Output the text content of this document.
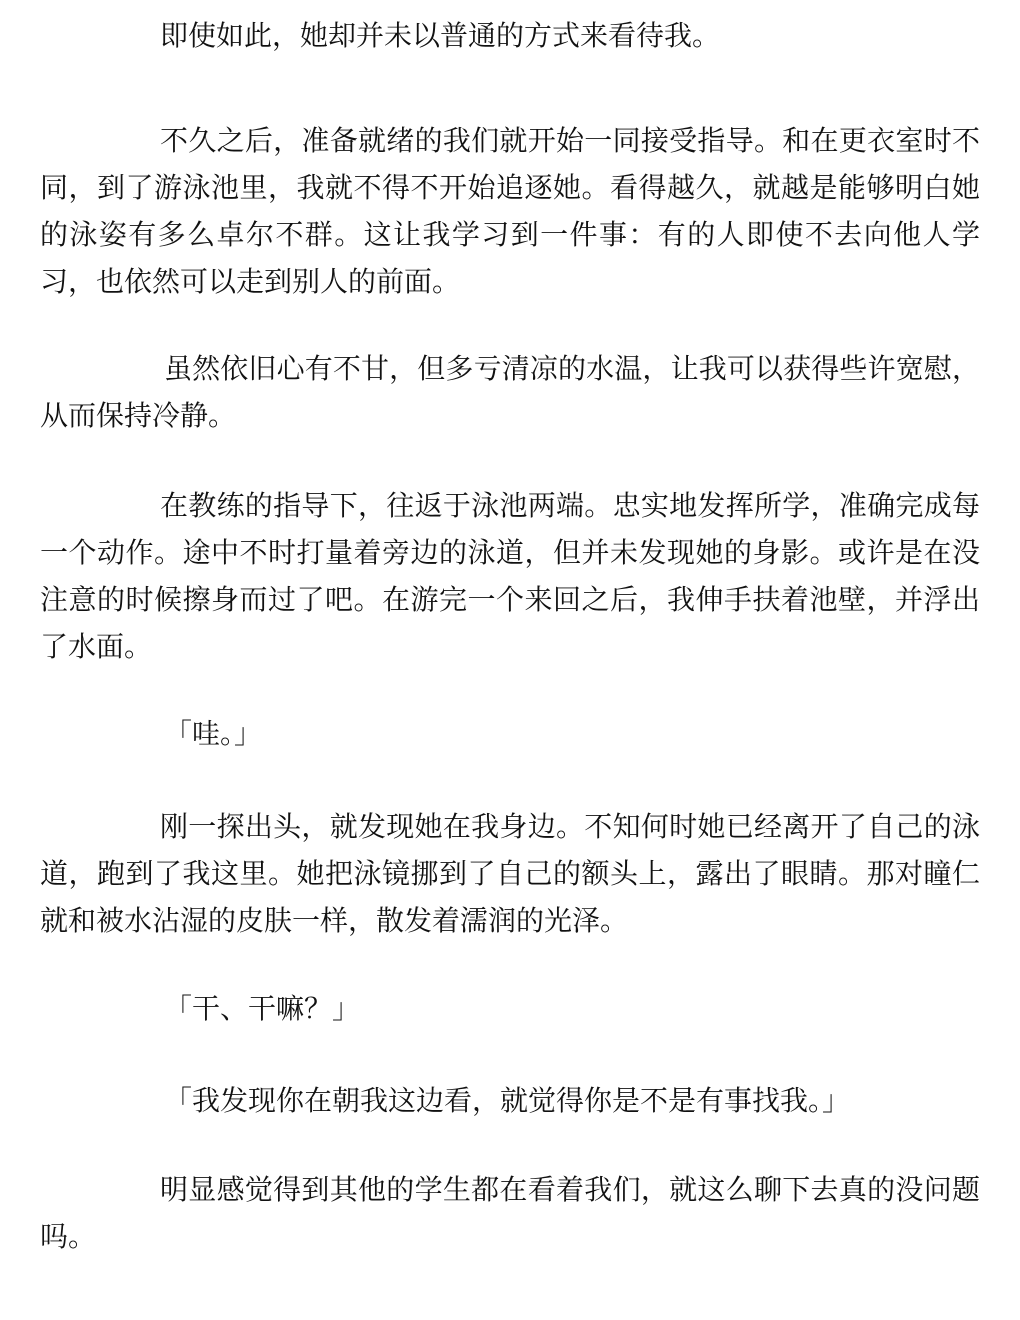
即使如此，她却并未以普通的方式来看待我。

不久之后，准备就绪的我们就开始一同接受指导。和在更衣室时不同，到了游泳池里，我就不得不开始追逐她。看得越久，就越是能够明白她的泳姿有多么卓尔不群。这让我学习到一件事：有的人即使不去向他人学习，也依然可以走到别人的前面。

虽然依旧心有不甘，但多亏清凉的水温，让我可以获得些许宽慰，从而保持冷静。

在教练的指导下，往返于泳池两端。忠实地发挥所学，准确完成每一个动作。途中不时打量着旁边的泳道，但并未发现她的身影。或许是在没注意的时候擦身而过了吧。在游完一个来回之后，我伸手扶着池壁，并浮出了水面。

「哇。」

刚一探出头，就发现她在我身边。不知何时她已经离开了自己的泳道，跑到了我这里。她把泳镜挪到了自己的额头上，露出了眼睛。那对瞳仁就和被水沾湿的皮肤一样，散发着濡润的光泽。

「干、干嘛？」

「我发现你在朝我这边看，就觉得你是不是有事找我。」

明显感觉得到其他的学生都在看着我们，就这么聊下去真的没问题吗。
